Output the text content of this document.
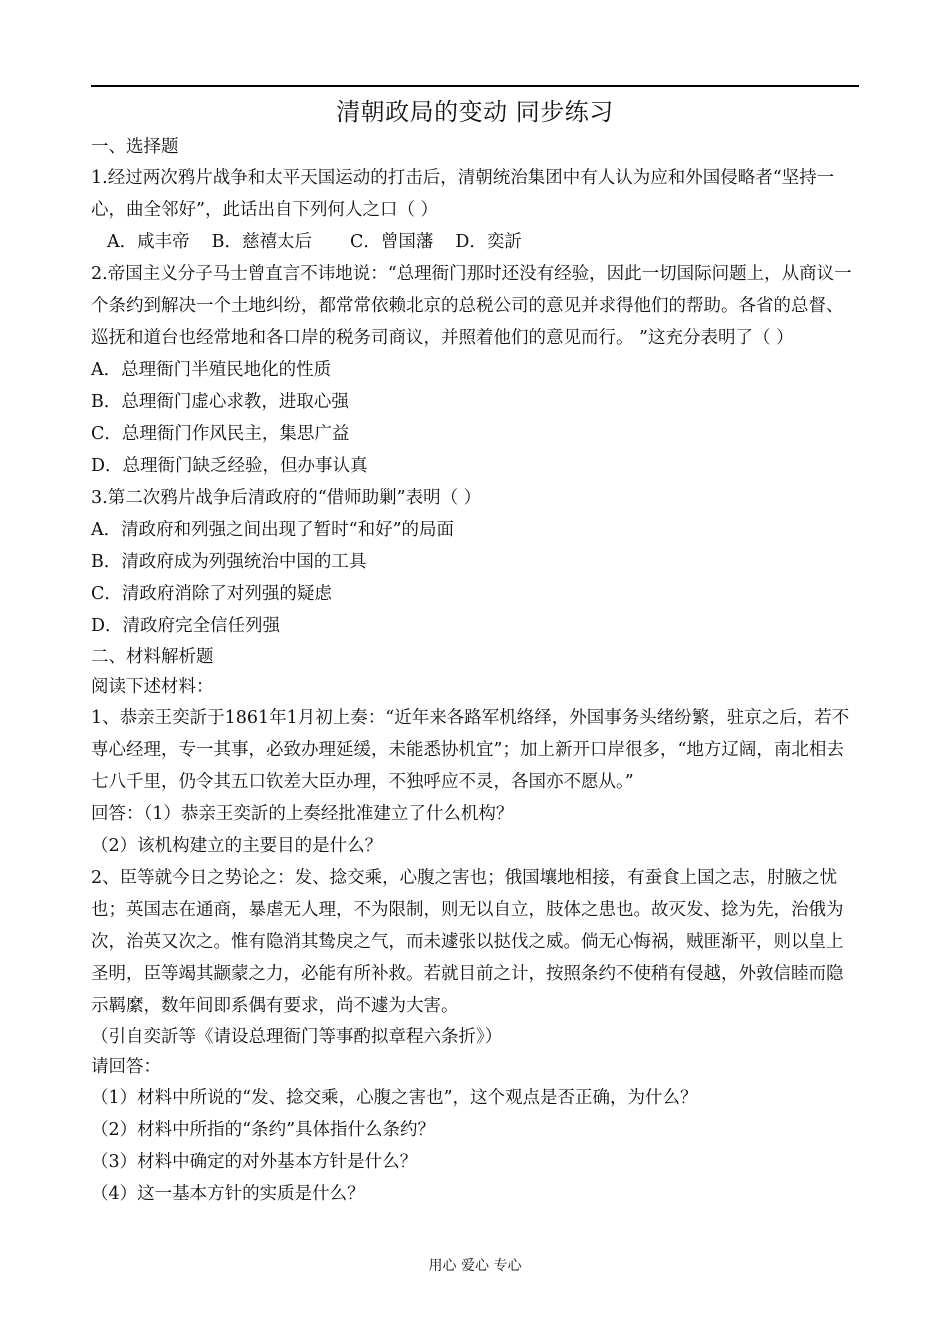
清朝政局的变动 同步练习

一、选择题

1.经过两次鸦片战争和太平天国运动的打击后，清朝统治集团中有人认为应和外国侵略者“坚持一心，曲全邻好”，此话出自下列何人之口（ ）

A．咸丰帝 B．慈禧太后 C．曾国藩 D．奕訢

2.帝国主义分子马士曾直言不讳地说：“总理衙门那时还没有经验，因此一切国际问题上，从商议一个条约到解决一个土地纠纷，都常常依赖北京的总税公司的意见并求得他们的帮助。各省的总督、巡抚和道台也经常地和各口岸的税务司商议，并照着他们的意见而行。 ”这充分表明了（ ）

A．总理衙门半殖民地化的性质

B．总理衙门虚心求教，进取心强

C．总理衙门作风民主，集思广益

D．总理衙门缺乏经验，但办事认真

3.第二次鸦片战争后清政府的“借师助剿”表明（ ）

A．清政府和列强之间出现了暂时“和好”的局面

B．清政府成为列强统治中国的工具

C．清政府消除了对列强的疑虑

D．清政府完全信任列强

二、材料解析题

阅读下述材料：

1、恭亲王奕訢于1861年1月初上奏：“近年来各路军机络绎，外国事务头绪纷繁，驻京之后，若不専心经理，专一其事，必致办理延缓，未能悉协机宜”；加上新开口岸很多，“地方辽阔，南北相去七八千里，仍令其五口钦差大臣办理，不独呼应不灵，各国亦不愿从。”

回答：（1）恭亲王奕訢的上奏经批准建立了什么机构？

（2）该机构建立的主要目的是什么？

2、臣等就今日之势论之：发、捻交乘，心腹之害也；俄国壤地相接，有蚕食上国之志，肘腋之忧也；英国志在通商，暴虐无人理，不为限制，则无以自立，肢体之患也。故灭发、捻为先，治俄为次，治英又次之。惟有隐消其鸷戾之气，而未遽张以挞伐之威。倘无心悔祸，贼匪渐平，则以皇上圣明，臣等竭其颛蒙之力，必能有所补救。若就目前之计，按照条约不使稍有侵越，外敦信睦而隐示羁縻，数年间即系偶有要求，尚不遽为大害。

（引自奕訢等《请设总理衙门等事酌拟章程六条折》）

请回答：

（1）材料中所说的“发、捻交乘，心腹之害也”，这个观点是否正确，为什么？

（2）材料中所指的“条约”具体指什么条约？

（3）材料中确定的对外基本方针是什么？

（4）这一基本方针的实质是什么？

用心 爱心 专心
